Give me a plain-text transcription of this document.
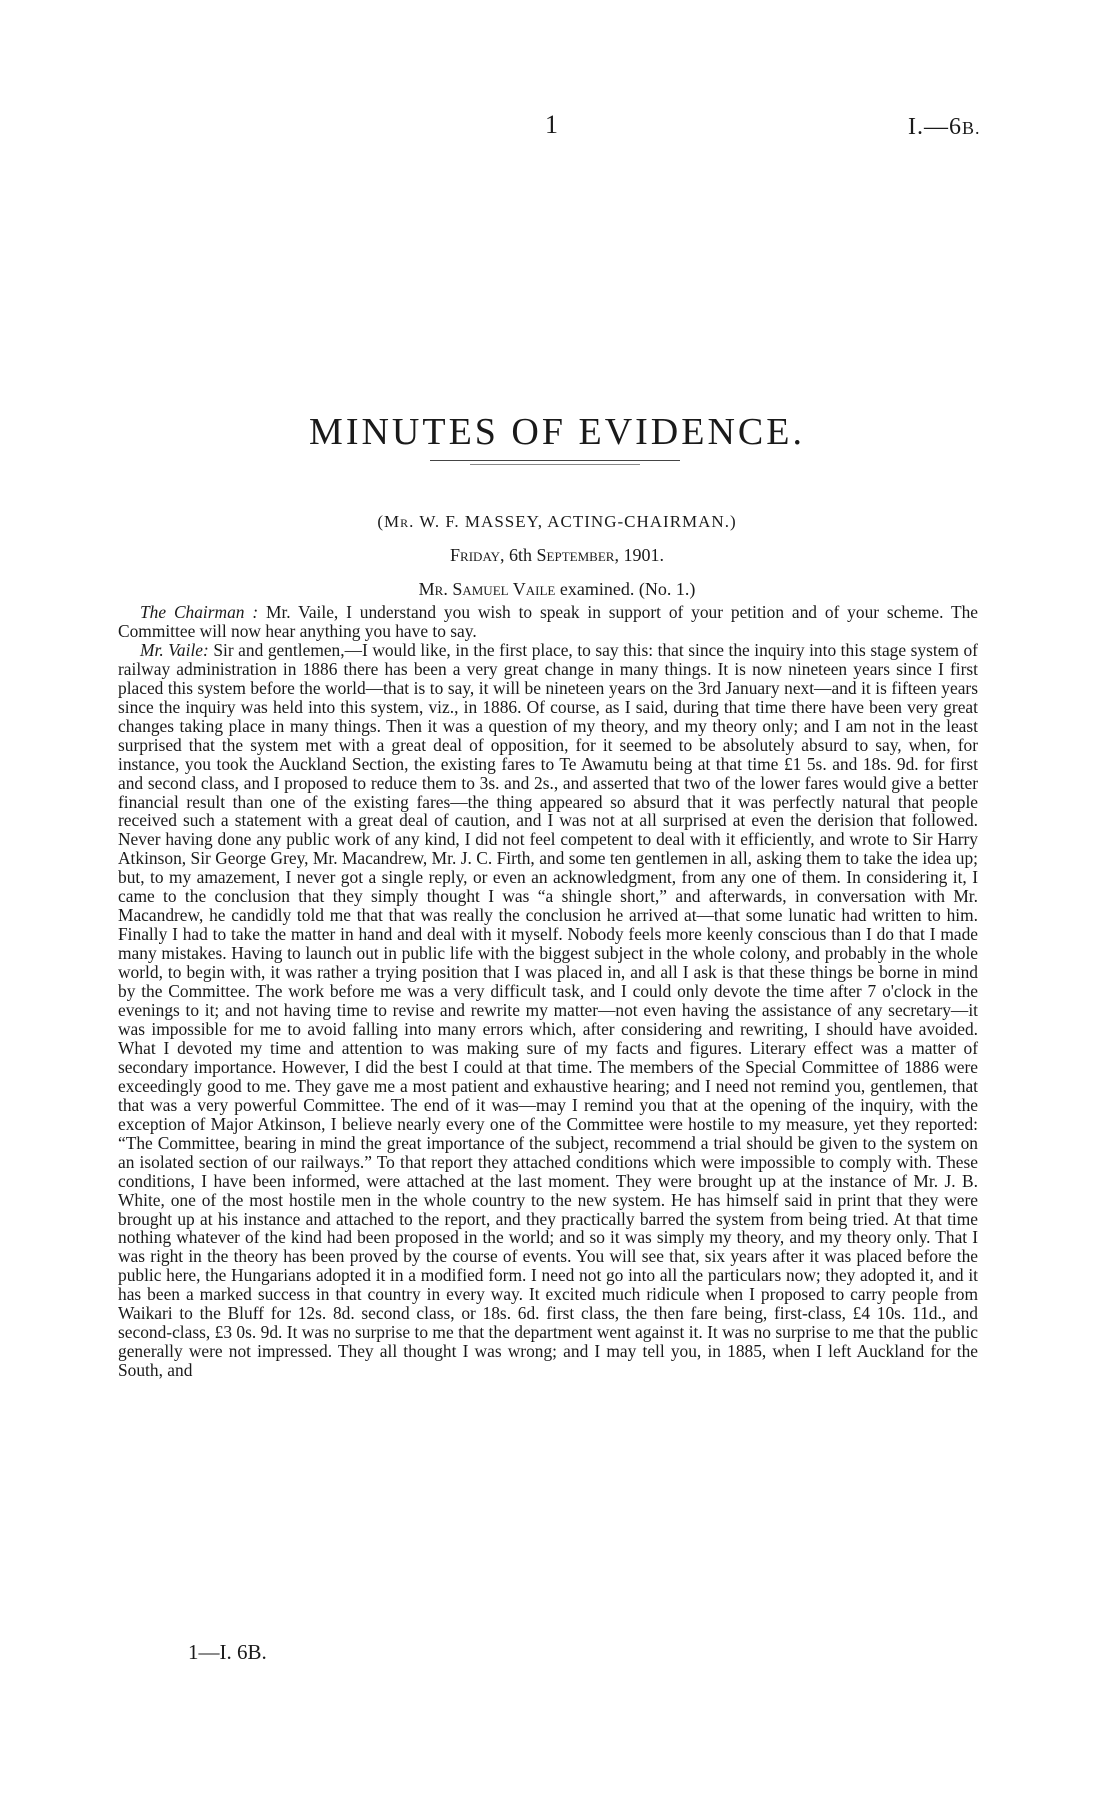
1	I.—6B.
MINUTES OF EVIDENCE.
(Mr. W. F. MASSEY, ACTING-CHAIRMAN.)
Friday, 6th September, 1901.
Mr. Samuel Vaile examined. (No. 1.)

The Chairman : Mr. Vaile, I understand you wish to speak in support of your petition and of your scheme. The Committee will now hear anything you have to say.

Mr. Vaile: Sir and gentlemen,—I would like, in the first place, to say this: that since the inquiry into this stage system of railway administration in 1886 there has been a very great change in many things. It is now nineteen years since I first placed this system before the world—that is to say, it will be nineteen years on the 3rd January next—and it is fifteen years since the inquiry was held into this system, viz., in 1886. Of course, as I said, during that time there have been very great changes taking place in many things. Then it was a question of my theory, and my theory only; and I am not in the least surprised that the system met with a great deal of opposition, for it seemed to be absolutely absurd to say, when, for instance, you took the Auckland Section, the existing fares to Te Awamutu being at that time £1 5s. and 18s. 9d. for first and second class, and I proposed to reduce them to 3s. and 2s., and asserted that two of the lower fares would give a better financial result than one of the existing fares—the thing appeared so absurd that it was perfectly natural that people received such a statement with a great deal of caution, and I was not at all surprised at even the derision that followed. Never having done any public work of any kind, I did not feel competent to deal with it efficiently, and wrote to Sir Harry Atkinson, Sir George Grey, Mr. Macandrew, Mr. J. C. Firth, and some ten gentlemen in all, asking them to take the idea up; but, to my amazement, I never got a single reply, or even an acknowledgment, from any one of them. In considering it, I came to the conclusion that they simply thought I was “a shingle short,” and afterwards, in conversation with Mr. Macandrew, he candidly told me that that was really the conclusion he arrived at—that some lunatic had written to him. Finally I had to take the matter in hand and deal with it myself. Nobody feels more keenly conscious than I do that I made many mistakes. Having to launch out in public life with the biggest subject in the whole colony, and probably in the whole world, to begin with, it was rather a trying position that I was placed in, and all I ask is that these things be borne in mind by the Committee. The work before me was a very difficult task, and I could only devote the time after 7 o'clock in the evenings to it; and not having time to revise and rewrite my matter—not even having the assistance of any secretary—it was impossible for me to avoid falling into many errors which, after considering and rewriting, I should have avoided. What I devoted my time and attention to was making sure of my facts and figures. Literary effect was a matter of secondary importance. However, I did the best I could at that time. The members of the Special Committee of 1886 were exceedingly good to me. They gave me a most patient and exhaustive hearing; and I need not remind you, gentlemen, that that was a very powerful Committee. The end of it was—may I remind you that at the opening of the inquiry, with the exception of Major Atkinson, I believe nearly every one of the Committee were hostile to my measure, yet they reported: “The Committee, bearing in mind the great importance of the subject, recommend a trial should be given to the system on an isolated section of our railways.” To that report they attached conditions which were impossible to comply with. These conditions, I have been informed, were attached at the last moment. They were brought up at the instance of Mr. J. B. White, one of the most hostile men in the whole country to the new system. He has himself said in print that they were brought up at his instance and attached to the report, and they practically barred the system from being tried. At that time nothing whatever of the kind had been proposed in the world; and so it was simply my theory, and my theory only. That I was right in the theory has been proved by the course of events. You will see that, six years after it was placed before the public here, the Hungarians adopted it in a modified form. I need not go into all the particulars now; they adopted it, and it has been a marked success in that country in every way. It excited much ridicule when I proposed to carry people from Waikari to the Bluff for 12s. 8d. second class, or 18s. 6d. first class, the then fare being, first-class, £4 10s. 11d., and second-class, £3 0s. 9d. It was no surprise to me that the department went against it. It was no surprise to me that the public generally were not impressed. They all thought I was wrong; and I may tell you, in 1885, when I left Auckland for the South, and

1—I. 6B.
